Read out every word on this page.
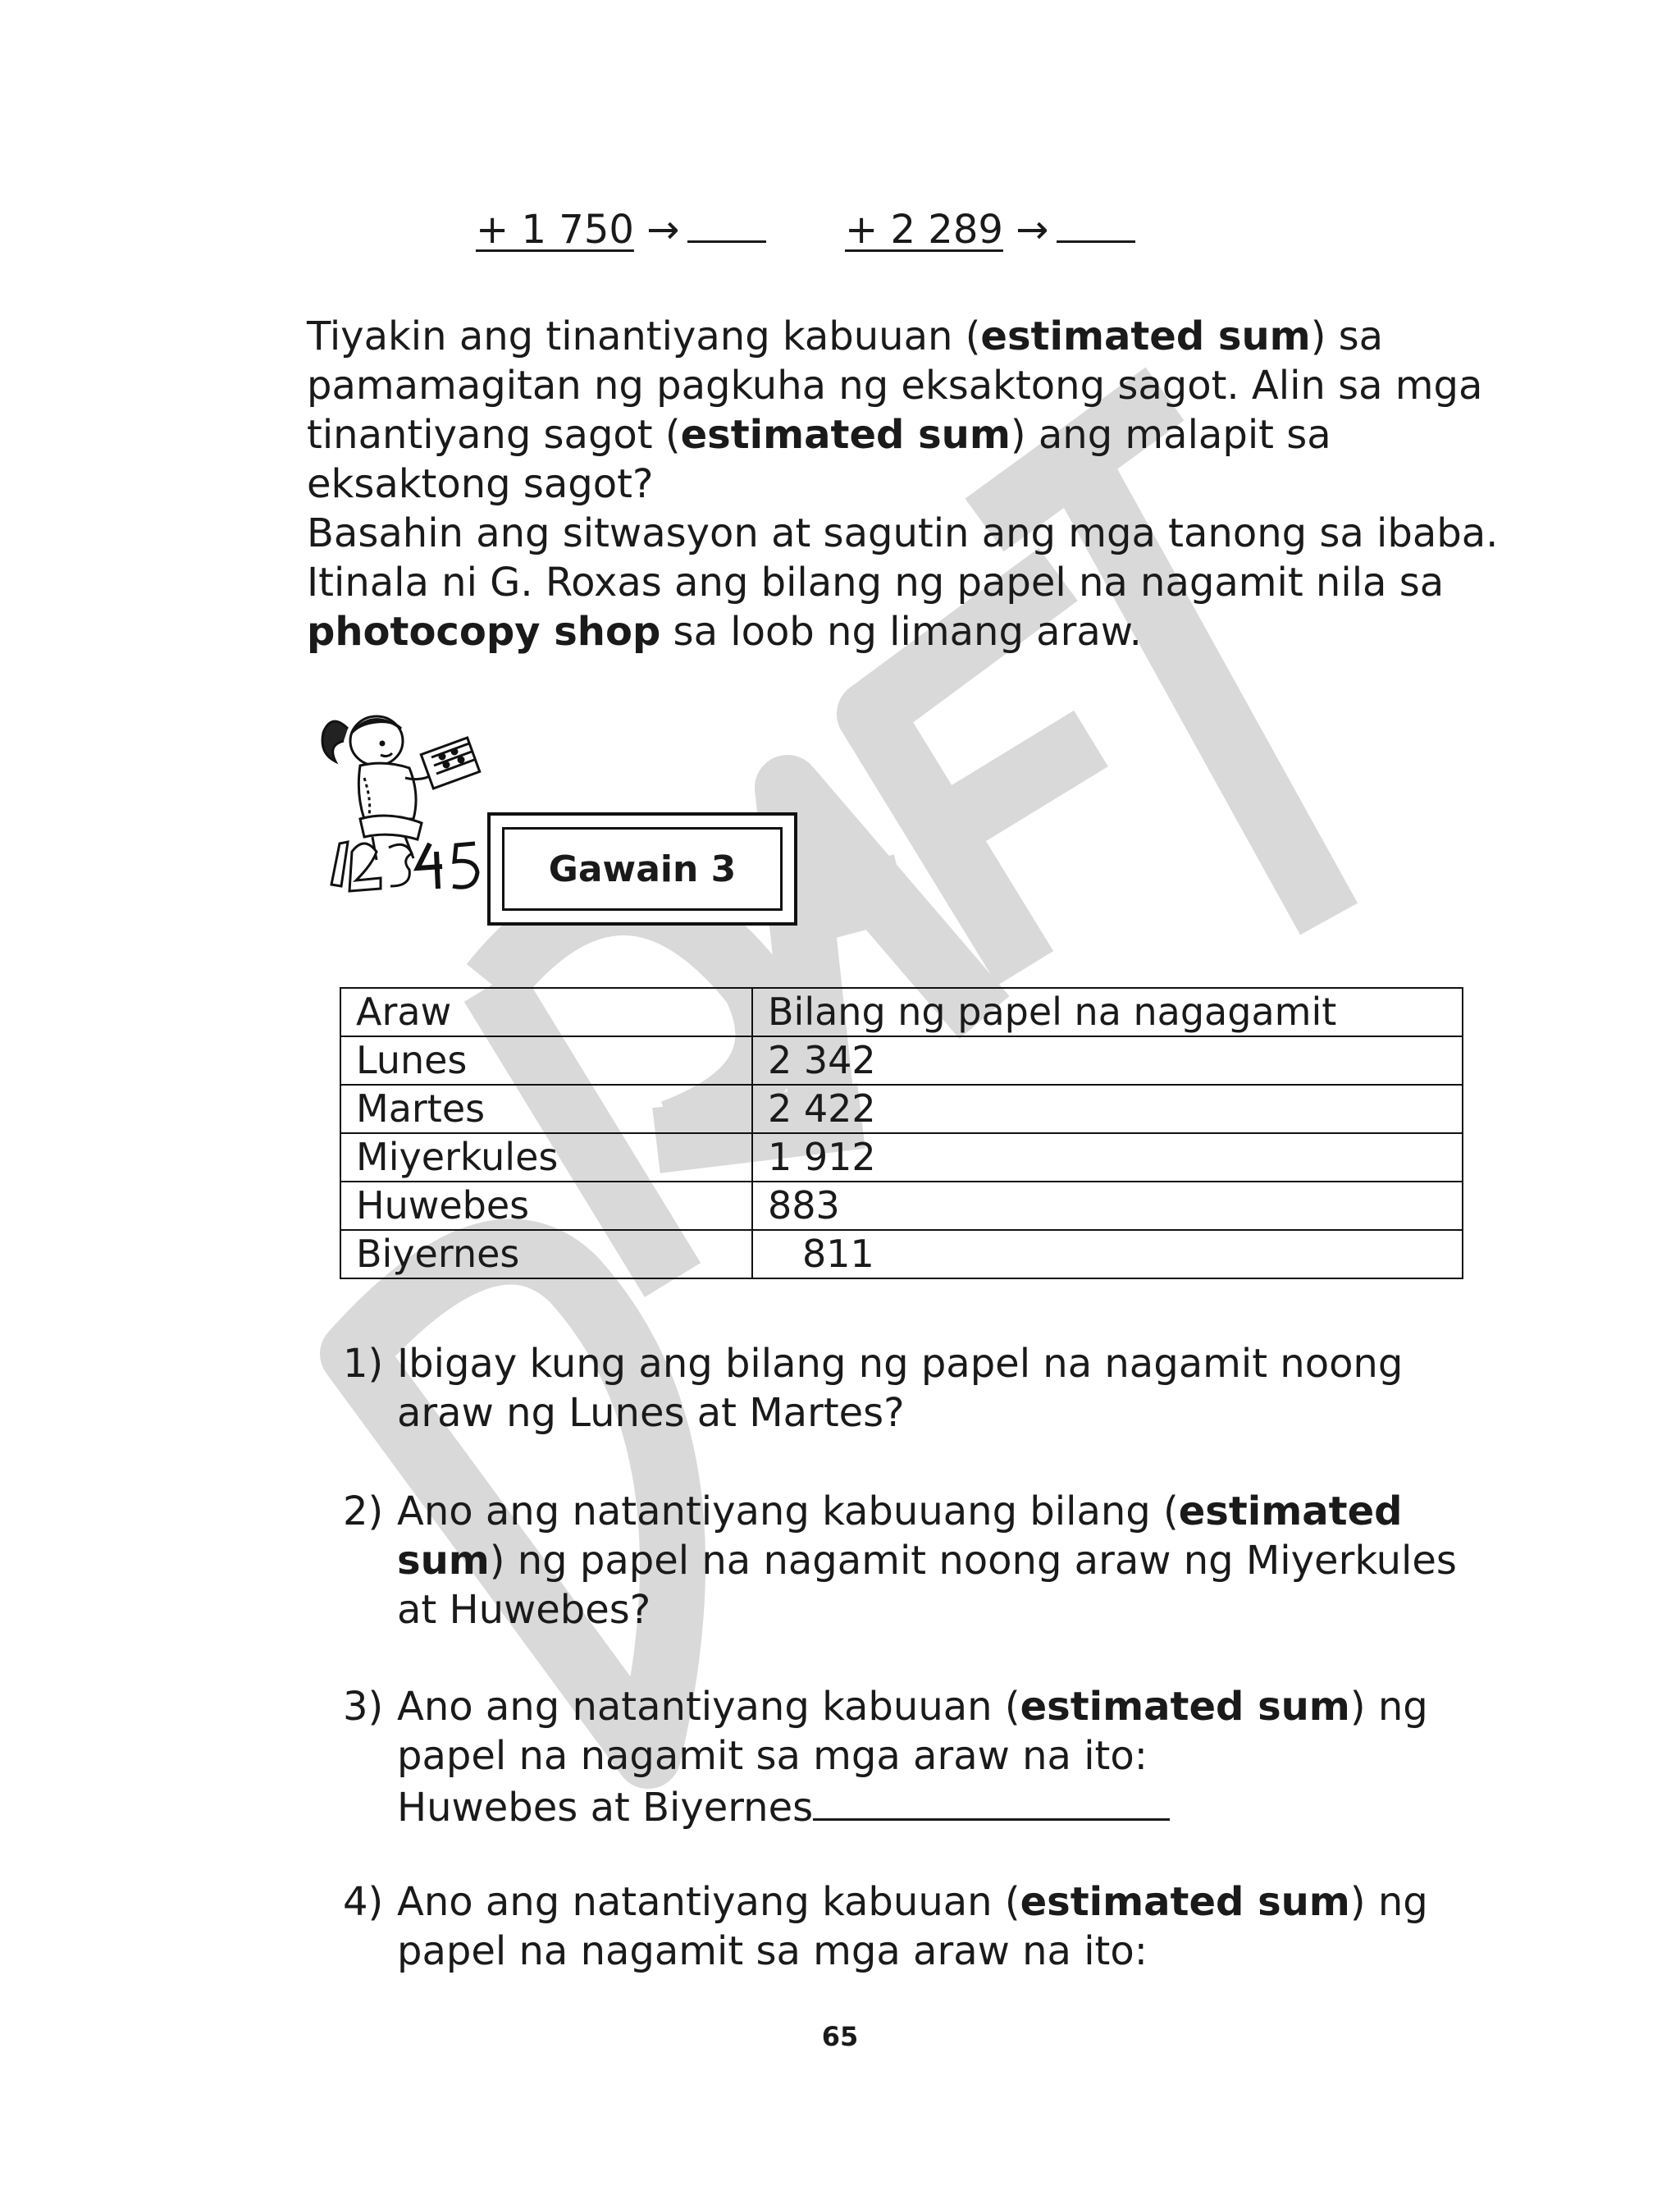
+ 1 750 →	+ 2 289 →
Tiyakin ang tinantiyang kabuuan (estimated sum) sa pamamagitan ng pagkuha ng eksaktong sagot. Alin sa mga tinantiyang sagot (estimated sum) ang malapit sa eksaktong sagot?
Basahin ang sitwasyon at sagutin ang mga tanong sa ibaba.
Itinala ni G. Roxas ang bilang ng papel na nagamit nila sa photocopy shop sa loob ng limang araw.
Gawain 3
Araw	Bilang ng papel na nagagamit
Lunes	2 342
Martes	2 422
Miyerkules	1 912
Huwebes	883
Biyernes	811
1) Ibigay kung ang bilang ng papel na nagamit noong araw ng Lunes at Martes?
2) Ano ang natantiyang kabuuang bilang (estimated sum) ng papel na nagamit noong araw ng Miyerkules at Huwebes?
3) Ano ang natantiyang kabuuan (estimated sum) ng papel na nagamit sa mga araw na ito:
Huwebes at Biyernes
4) Ano ang natantiyang kabuuan (estimated sum) ng papel na nagamit sa mga araw na ito:
65
